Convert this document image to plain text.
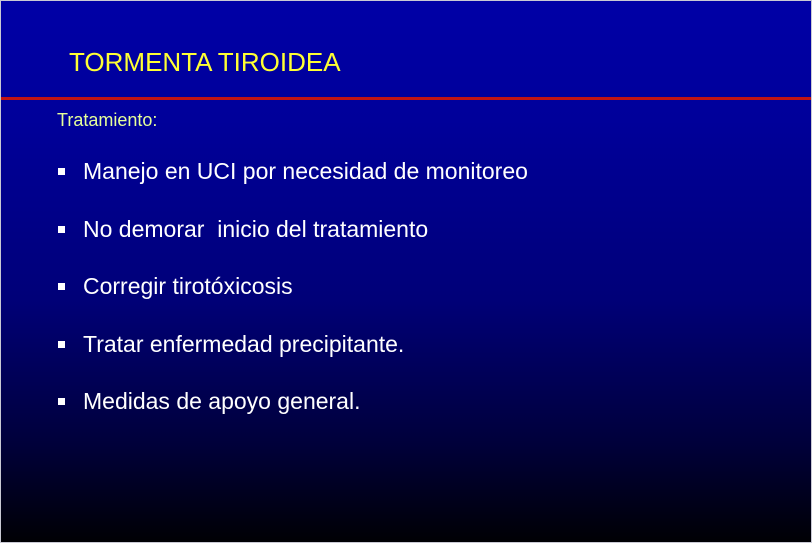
TORMENTA TIROIDEA
Tratamiento:
Manejo en UCI por necesidad de monitoreo
No demorar  inicio del tratamiento
Corregir tirotóxicosis
Tratar enfermedad precipitante.
Medidas de apoyo general.
